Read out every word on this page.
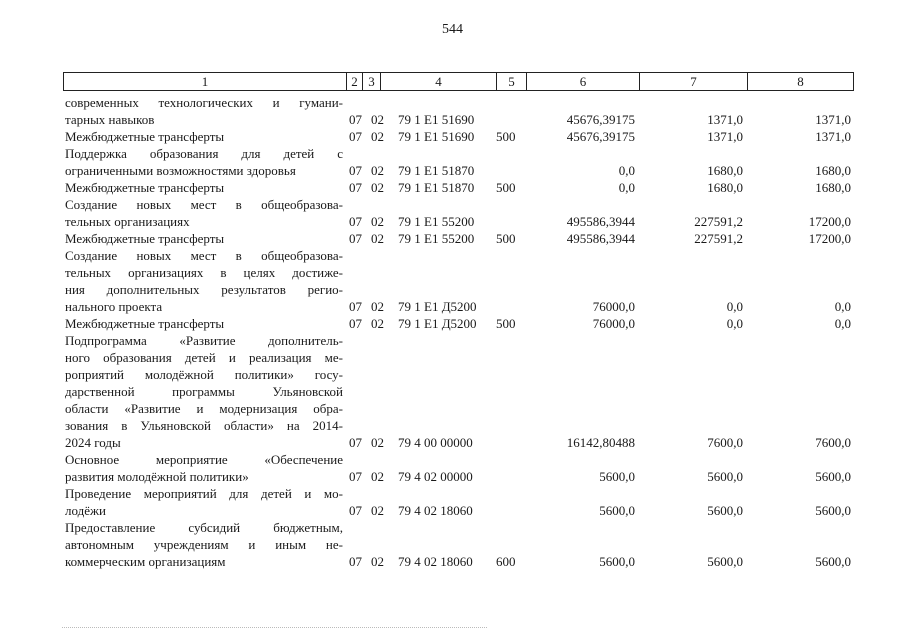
544
1	2 3	4	5	6	7	8
современных технологических и гумани-
тарных навыков	07 02 79 1 E1 51690	45676,39175	1371,0	1371,0
Межбюджетные трансферты	07 02 79 1 E1 51690 500	45676,39175	1371,0	1371,0
Поддержка образования для детей с
ограниченными возможностями здоровья	07 02 79 1 E1 51870	0,0	1680,0	1680,0
Межбюджетные трансферты	07 02 79 1 E1 51870 500	0,0	1680,0	1680,0
Создание новых мест в общеобразова-
тельных организациях	07 02 79 1 E1 55200	495586,3944	227591,2	17200,0
Межбюджетные трансферты	07 02 79 1 E1 55200 500	495586,3944	227591,2	17200,0
Создание новых мест в общеобразова-
тельных организациях в целях достиже-
ния дополнительных результатов регио-
нального проекта	07 02 79 1 E1 Д5200	76000,0	0,0	0,0
Межбюджетные трансферты	07 02 79 1 E1 Д5200 500	76000,0	0,0	0,0
Подпрограмма «Развитие дополнитель-
ного образования детей и реализация ме-
роприятий молодёжной политики» госу-
дарственной программы Ульяновской
области «Развитие и модернизация обра-
зования в Ульяновской области» на 2014-
2024 годы	07 02 79 4 00 00000	16142,80488	7600,0	7600,0
Основное мероприятие «Обеспечение
развития молодёжной политики»	07 02 79 4 02 00000	5600,0	5600,0	5600,0
Проведение мероприятий для детей и мо-
лодёжи	07 02 79 4 02 18060	5600,0	5600,0	5600,0
Предоставление субсидий бюджетным,
автономным учреждениям и иным не-
коммерческим организациям	07 02 79 4 02 18060 600	5600,0	5600,0	5600,0
